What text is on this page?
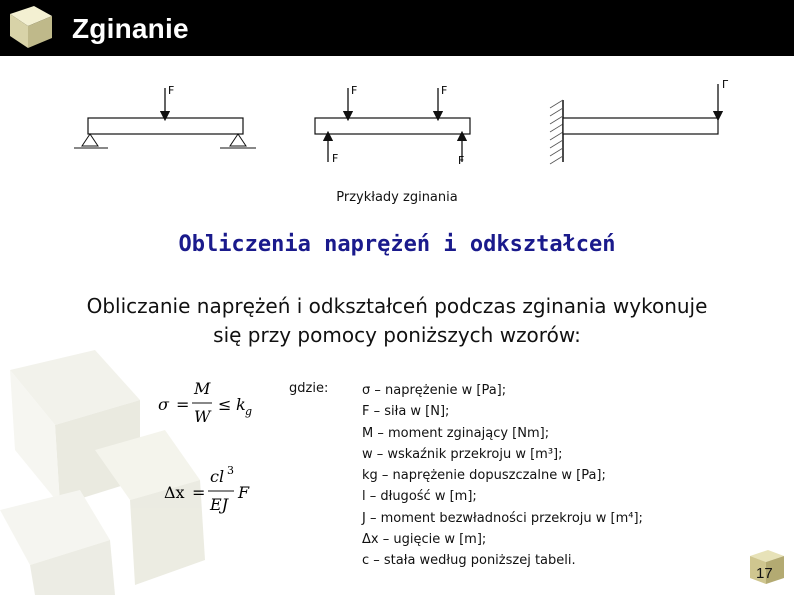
Zginanie
F	F	F
F	F
Γ
Przykłady zginania
Obliczenia naprężeń i odkształceń
Obliczanie naprężeń i odkształceń podczas zginania wykonuje
się przy pomocy poniższych wzorów:
σ =
M
W
≤ k g
Δx =
cl 3
EJ
F
gdzie:	σ – naprężenie w [Pa];
F – siła w [N];
M – moment zginający [Nm];
w – wskaźnik przekroju w [m³];
kg – naprężenie dopuszczalne w [Pa];
l – długość w [m];
J – moment bezwładności przekroju w [m⁴];
Δx – ugięcie w [m];
c – stała według poniższej tabeli.
17
